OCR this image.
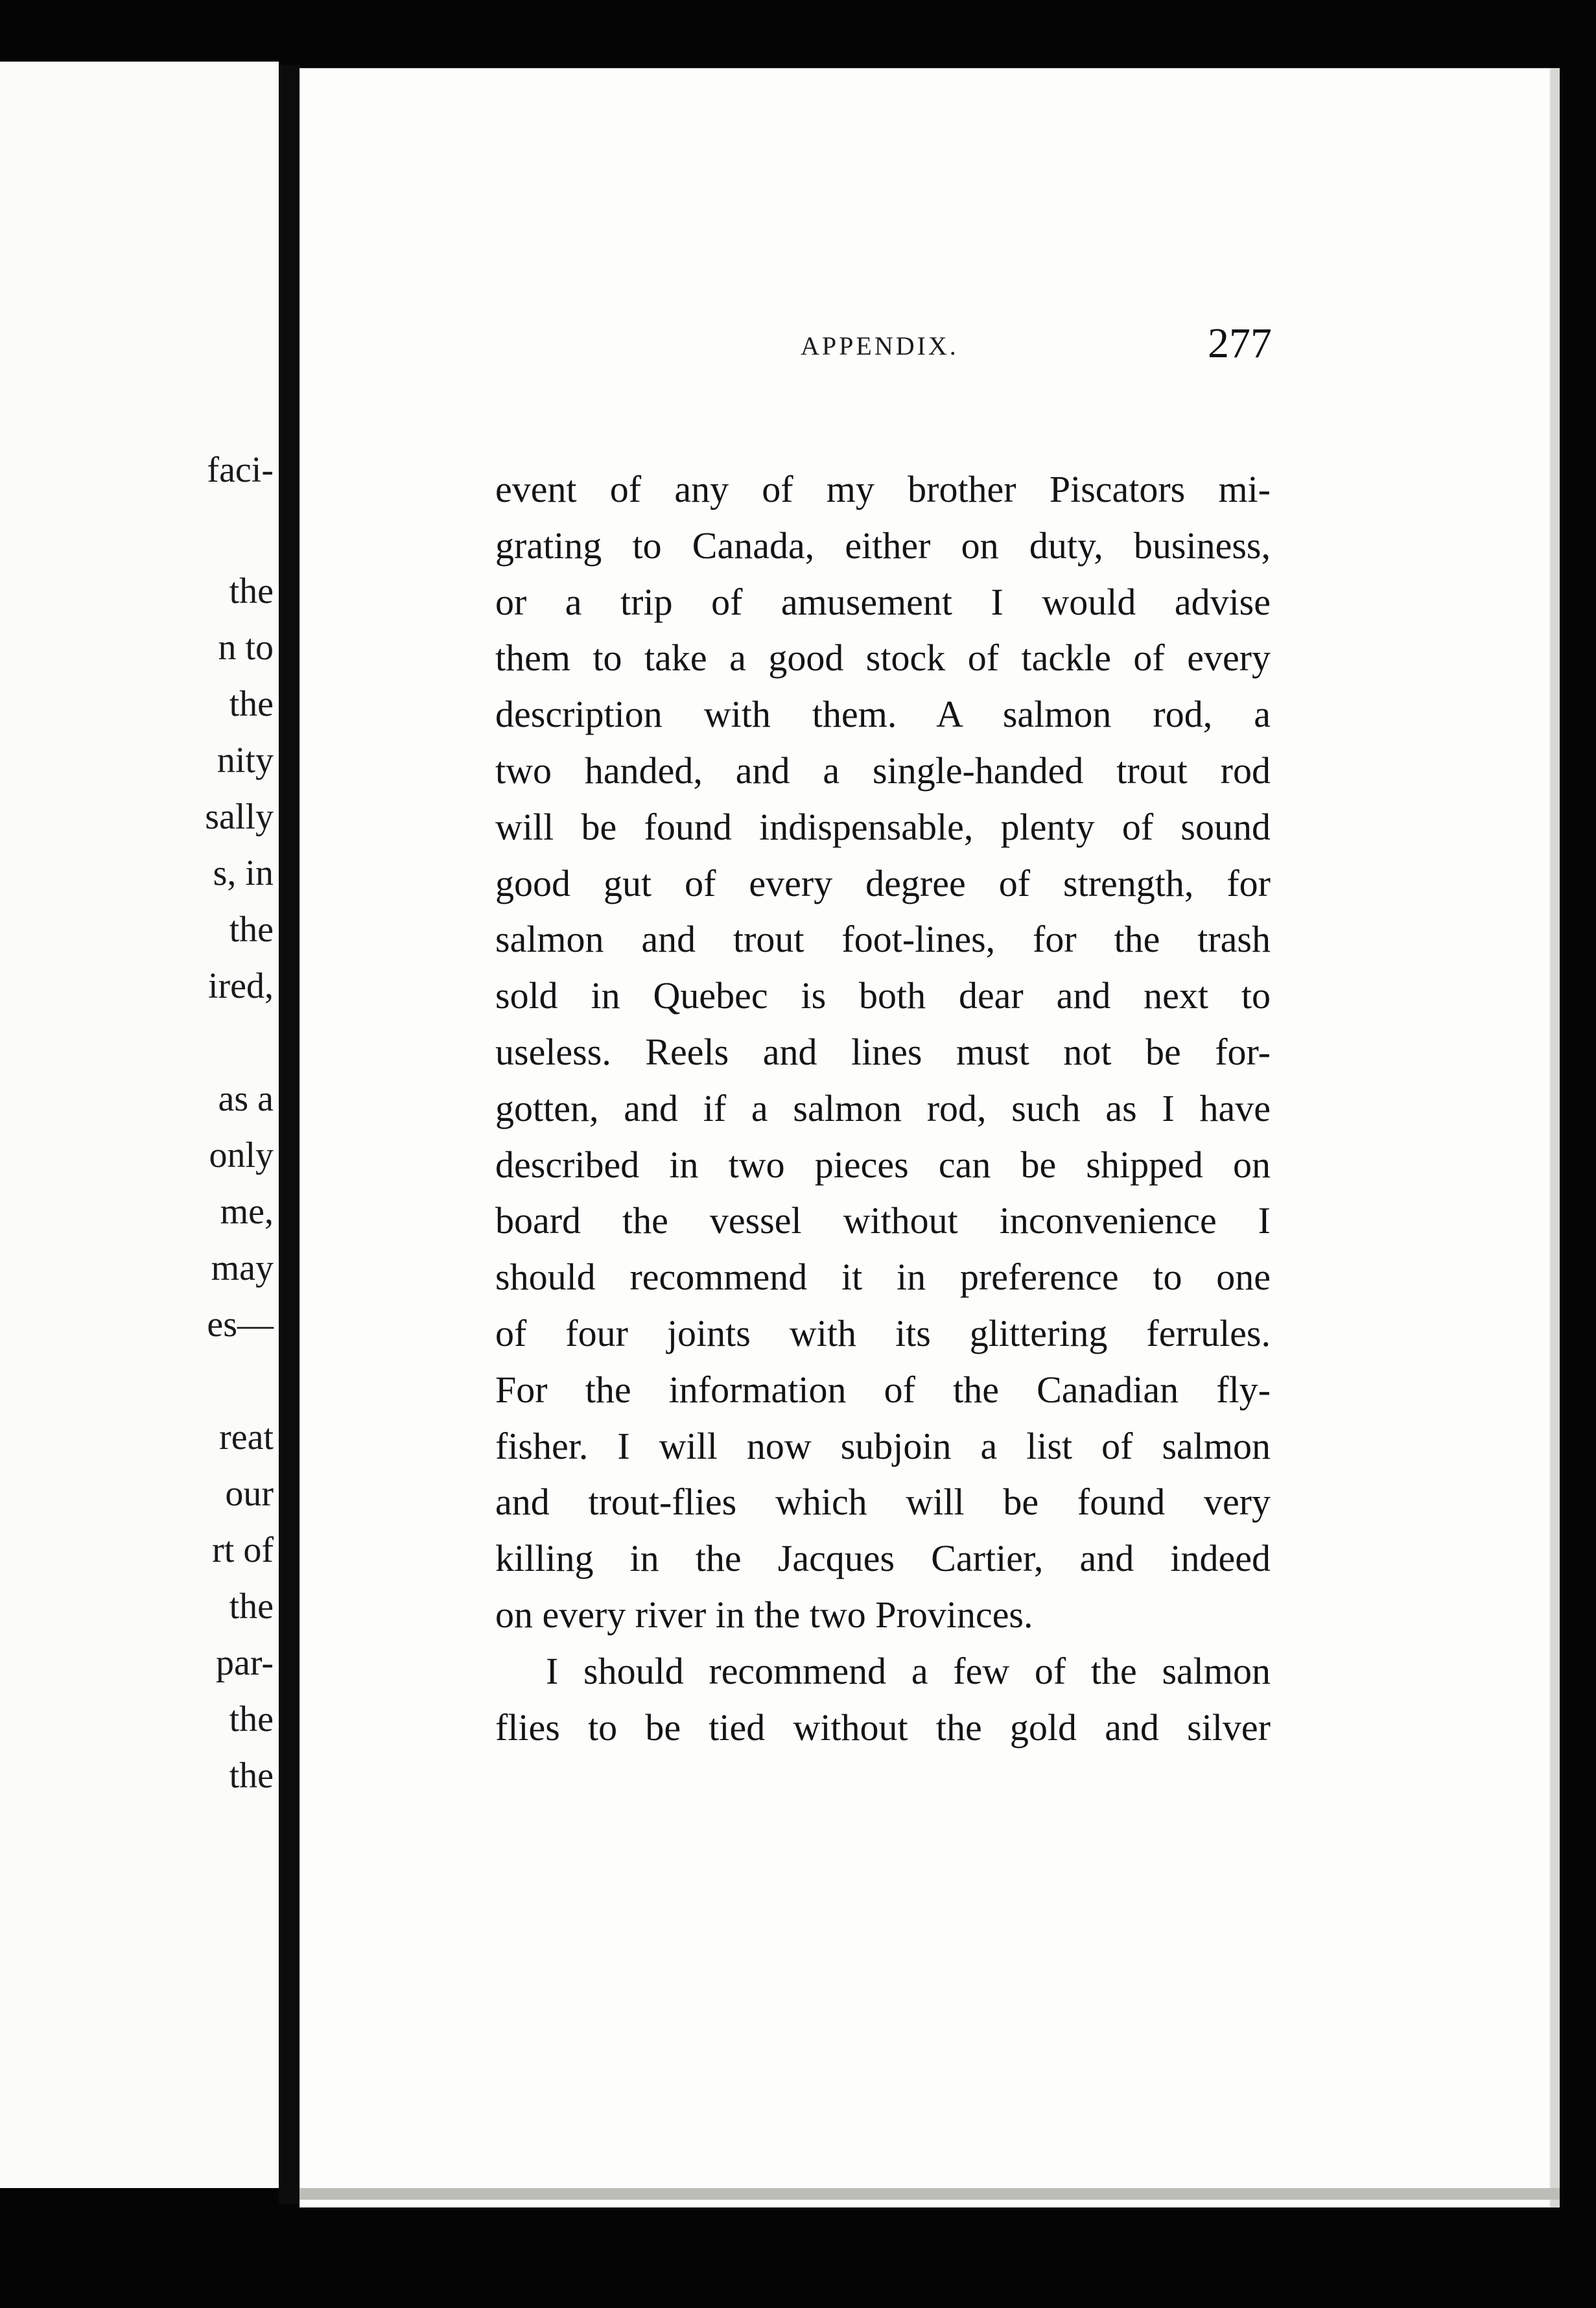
faci-
the
n to
the
nity
sally
s, in
the
ired,
as a
only
me,
may
es—
reat
our
rt of
the
par-
the
the
APPENDIX.	277
event of any of my brother Piscators mi-
grating to Canada, either on duty, business,
or a trip of amusement I would advise
them to take a good stock of tackle of every
description with them. A salmon rod, a
two handed, and a single-handed trout rod
will be found indispensable, plenty of sound
good gut of every degree of strength, for
salmon and trout foot-lines, for the trash
sold in Quebec is both dear and next to
useless. Reels and lines must not be for-
gotten, and if a salmon rod, such as I have
described in two pieces can be shipped on
board the vessel without inconvenience I
should recommend it in preference to one
of four joints with its glittering ferrules.
For the information of the Canadian fly-
fisher. I will now subjoin a list of salmon
and trout-flies which will be found very
killing in the Jacques Cartier, and indeed
on every river in the two Provinces.
I should recommend a few of the salmon
flies to be tied without the gold and silver
